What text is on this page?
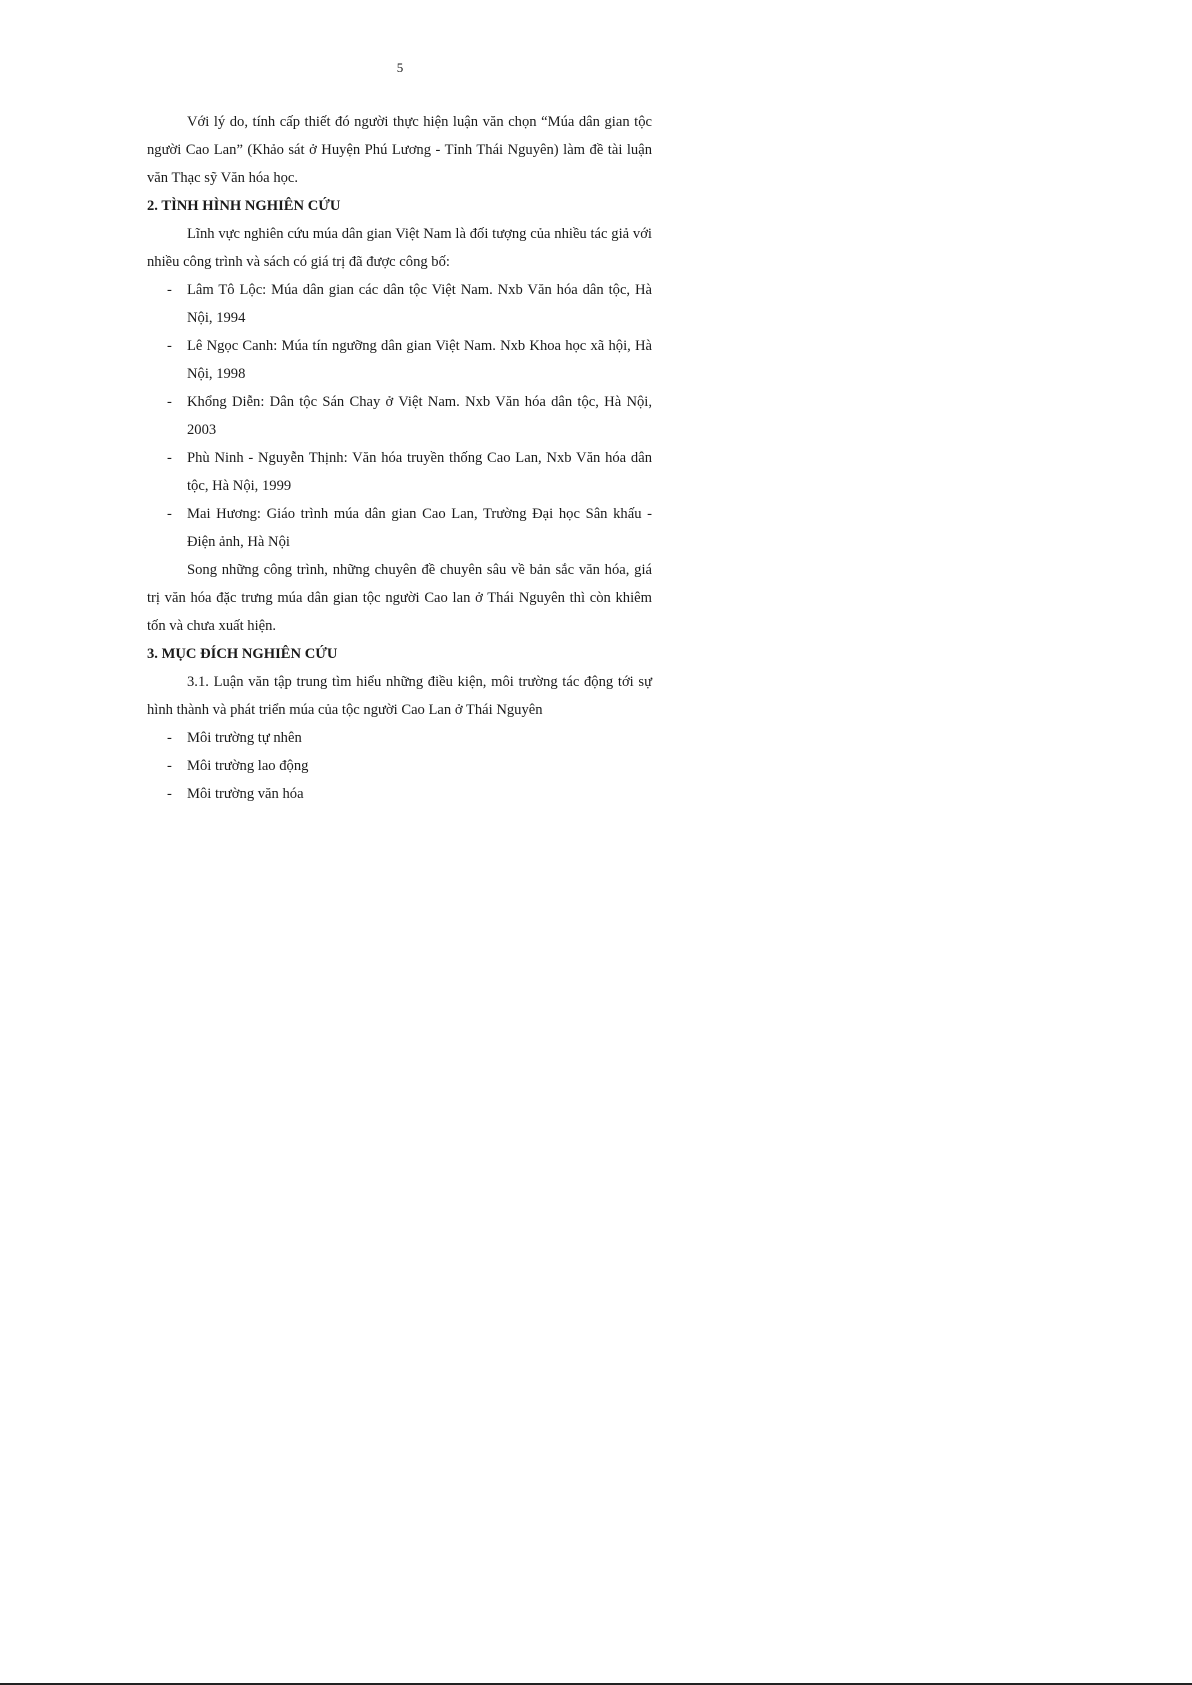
5

Với lý do, tính cấp thiết đó người thực hiện luận văn chọn “Múa dân gian tộc người Cao Lan” (Khảo sát ở Huyện Phú Lương - Tỉnh Thái Nguyên) làm đề tài luận văn Thạc sỹ Văn hóa học.

2. TÌNH HÌNH NGHIÊN CỨU

Lĩnh vực nghiên cứu múa dân gian Việt Nam là đối tượng của nhiều tác giả với nhiều công trình và sách có giá trị đã được công bố:

- Lâm Tô Lộc: Múa dân gian các dân tộc Việt Nam. Nxb Văn hóa dân tộc, Hà Nội, 1994
- Lê Ngọc Canh: Múa tín ngưỡng dân gian Việt Nam. Nxb Khoa học xã hội, Hà Nội, 1998
- Khổng Diễn: Dân tộc Sán Chay ở Việt Nam. Nxb Văn hóa dân tộc, Hà Nội, 2003
- Phù Ninh - Nguyễn Thịnh: Văn hóa truyền thống Cao Lan, Nxb Văn hóa dân tộc, Hà Nội, 1999
- Mai Hương: Giáo trình múa dân gian Cao Lan, Trường Đại học Sân khấu - Điện ảnh, Hà Nội

Song những công trình, những chuyên đề chuyên sâu về bản sắc văn hóa, giá trị văn hóa đặc trưng múa dân gian tộc người Cao lan ở Thái Nguyên thì còn khiêm tốn và chưa xuất hiện.

3. MỤC ĐÍCH NGHIÊN CỨU

3.1. Luận văn tập trung tìm hiểu những điều kiện, môi trường tác động tới sự hình thành và phát triển múa của tộc người Cao Lan ở Thái Nguyên

- Môi trường tự nhên
- Môi trường lao động
- Môi trường văn hóa
